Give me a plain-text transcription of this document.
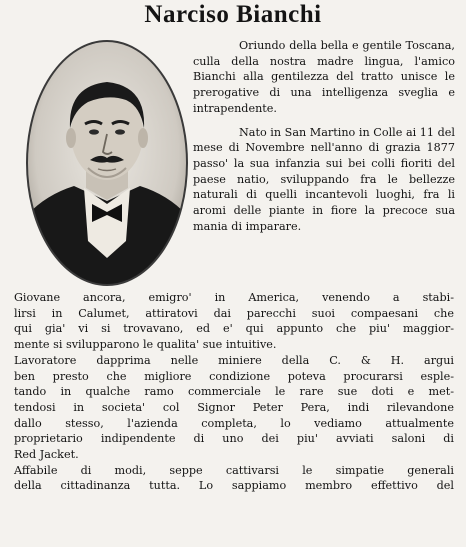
Narciso Bianchi

Oriundo della bella e gentile Toscana, culla della nostra madre lingua, l'amico Bianchi alla gentilezza del tratto unisce le prerogative di una intelligenza sveglia e intrapendente.

Nato in San Martino in Colle ai 11 del mese di Novembre nell'anno di grazia 1877 passo' la sua infanzia sui bei colli fioriti del paese natio, sviluppando fra le bellezze naturali di quelli incantevoli luoghi, fra li aromi delle piante in fiore la precoce sua mania di imparare.

Giovane ancora, emigro' in America, venendo a stabi-
lirsi in Calumet, attiratovi dai parecchi suoi compaesani che
qui gia' vi si trovavano, ed e' qui appunto che piu' maggior-
mente si svilupparono le qualita' sue intuitive.
Lavoratore dapprima nelle miniere della C. & H. argui
ben presto che migliore condizione poteva procurarsi esple-
tando in qualche ramo commerciale le rare sue doti e met-
tendosi in societa' col Signor Peter Pera, indi rilevandone
dallo stesso, l'azienda completa, lo vediamo attualmente
proprietario indipendente di uno dei piu' avviati saloni di
Red Jacket.
Affabile di modi, seppe cattivarsi le simpatie generali
della cittadinanza tutta. Lo sappiamo membro effettivo del
